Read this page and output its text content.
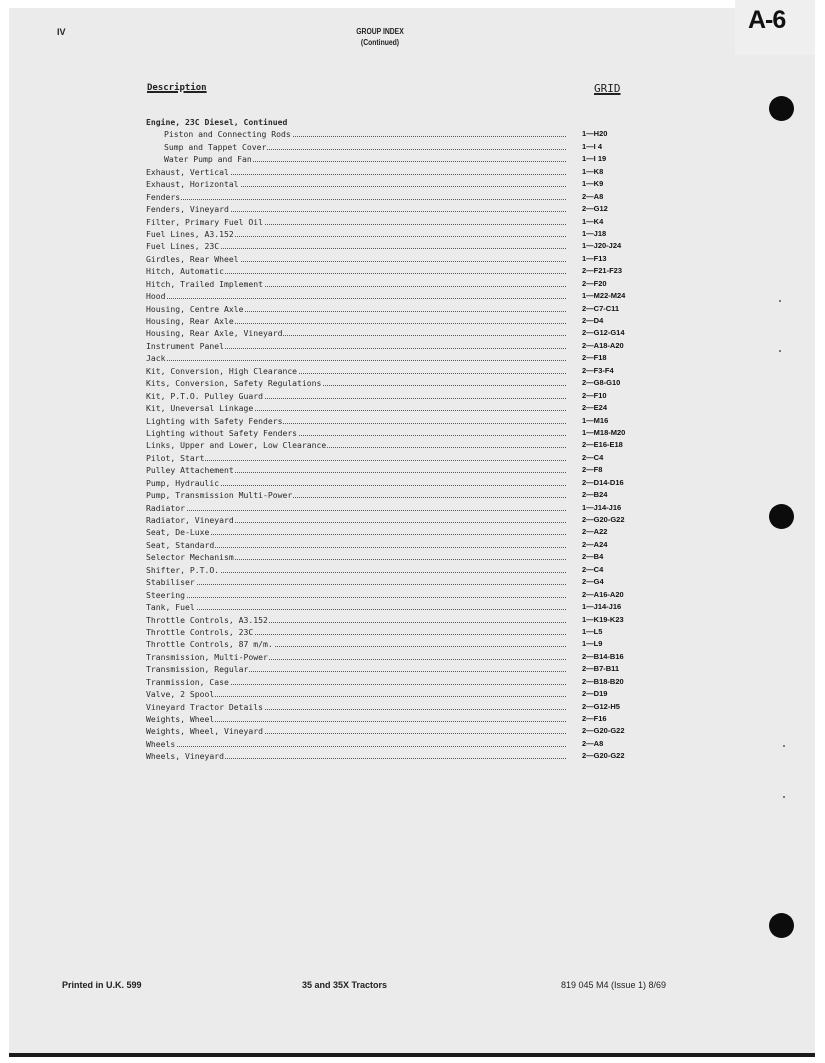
A-6
IV	GROUP INDEX
(Continued)
Description	GRID
Engine, 23C Diesel, Continued
Piston and Connecting Rods	1—H20
Sump and Tappet Cover	1—I 4
Water Pump and Fan	1—I 19
Exhaust, Vertical	1—K8
Exhaust, Horizontal	1—K9
Fenders	2—A8
Fenders, Vineyard	2—G12
Filter, Primary Fuel Oil	1—K4
Fuel Lines, A3.152	1—J18
Fuel Lines, 23C	1—J20-J24
Girdles, Rear Wheel	1—F13
Hitch, Automatic	2—F21-F23
Hitch, Trailed Implement	2—F20
Hood	1—M22-M24
Housing, Centre Axle	2—C7-C11
Housing, Rear Axle	2—D4
Housing, Rear Axle, Vineyard	2—G12-G14
Instrument Panel	2—A18-A20
Jack	2—F18
Kit, Conversion, High Clearance	2—F3-F4
Kits, Conversion, Safety Regulations	2—G8-G10
Kit, P.T.O. Pulley Guard	2—F10
Kit, Uneversal Linkage	2—E24
Lighting with Safety Fenders	1—M16
Lighting without Safety Fenders	1—M18-M20
Links, Upper and Lower, Low Clearance	2—E16-E18
Pilot, Start	2—C4
Pulley Attachement	2—F8
Pump, Hydraulic	2—D14-D16
Pump, Transmission Multi-Power	2—B24
Radiator	1—J14-J16
Radiator, Vineyard	2—G20-G22
Seat, De-Luxe	2—A22
Seat, Standard	2—A24
Selector Mechanism	2—B4
Shifter, P.T.O.	2—C4
Stabiliser	2—G4
Steering	2—A16-A20
Tank, Fuel	1—J14-J16
Throttle Controls, A3.152	1—K19-K23
Throttle Controls, 23C	1—L5
Throttle Controls, 87 m/m.	1—L9
Transmission, Multi-Power	2—B14-B16
Transmission, Regular	2—B7-B11
Tranmission, Case	2—B18-B20
Valve, 2 Spool	2—D19
Vineyard Tractor Details	2—G12-H5
Weights, Wheel	2—F16
Weights, Wheel, Vineyard	2—G20-G22
Wheels	2—A8
Wheels, Vineyard	2—G20-G22
Printed in U.K. 599	35 and 35X Tractors	819 045 M4 (Issue 1) 8/69
